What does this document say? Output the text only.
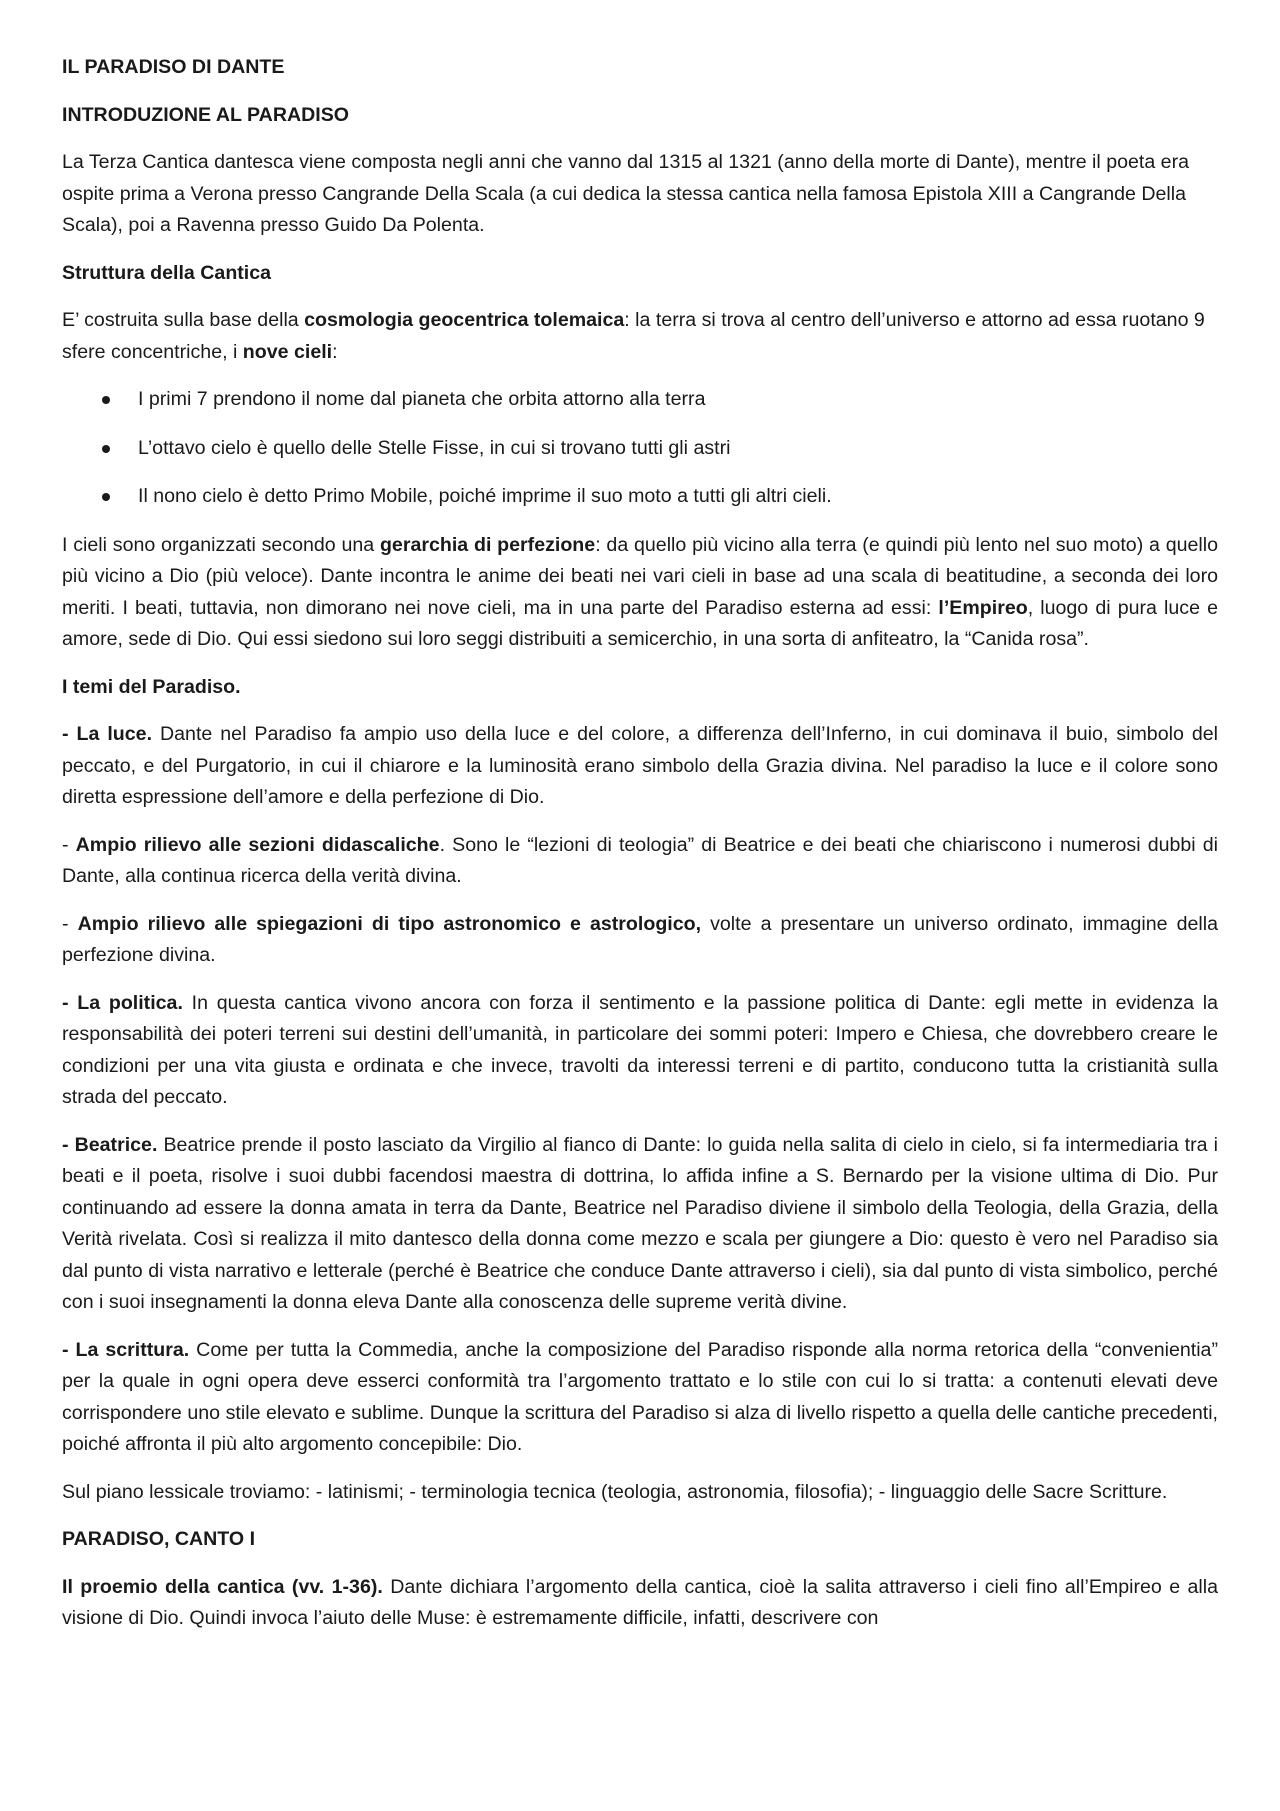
IL PARADISO DI DANTE
INTRODUZIONE AL PARADISO

La Terza Cantica dantesca viene composta negli anni che vanno dal 1315 al 1321 (anno della morte di Dante), mentre il poeta era ospite prima a Verona presso Cangrande Della Scala (a cui dedica la stessa cantica nella famosa Epistola XIII a Cangrande Della Scala), poi a Ravenna presso Guido Da Polenta.

Struttura della Cantica

E’ costruita sulla base della cosmologia geocentrica tolemaica: la terra si trova al centro dell’universo e attorno ad essa ruotano 9 sfere concentriche, i nove cieli:

I primi 7 prendono il nome dal pianeta che orbita attorno alla terra
L’ottavo cielo è quello delle Stelle Fisse, in cui si trovano tutti gli astri
Il nono cielo è detto Primo Mobile, poiché imprime il suo moto a tutti gli altri cieli.

I cieli sono organizzati secondo una gerarchia di perfezione: da quello più vicino alla terra (e quindi più lento nel suo moto) a quello più vicino a Dio (più veloce). Dante incontra le anime dei beati nei vari cieli in base ad una scala di beatitudine, a seconda dei loro meriti. I beati, tuttavia, non dimorano nei nove cieli, ma in una parte del Paradiso esterna ad essi: l’Empireo, luogo di pura luce e amore, sede di Dio. Qui essi siedono sui loro seggi distribuiti a semicerchio, in una sorta di anfiteatro, la “Canida rosa”.

I temi del Paradiso.

- La luce. Dante nel Paradiso fa ampio uso della luce e del colore, a differenza dell’Inferno, in cui dominava il buio, simbolo del peccato, e del Purgatorio, in cui il chiarore e la luminosità erano simbolo della Grazia divina. Nel paradiso la luce e il colore sono diretta espressione dell’amore e della perfezione di Dio.

- Ampio rilievo alle sezioni didascaliche. Sono le “lezioni di teologia” di Beatrice e dei beati che chiariscono i numerosi dubbi di Dante, alla continua ricerca della verità divina.

- Ampio rilievo alle spiegazioni di tipo astronomico e astrologico, volte a presentare un universo ordinato, immagine della perfezione divina.

- La politica. In questa cantica vivono ancora con forza il sentimento e la passione politica di Dante: egli mette in evidenza la responsabilità dei poteri terreni sui destini dell’umanità, in particolare dei sommi poteri: Impero e Chiesa, che dovrebbero creare le condizioni per una vita giusta e ordinata e che invece, travolti da interessi terreni e di partito, conducono tutta la cristianità sulla strada del peccato.

- Beatrice. Beatrice prende il posto lasciato da Virgilio al fianco di Dante: lo guida nella salita di cielo in cielo, si fa intermediaria tra i beati e il poeta, risolve i suoi dubbi facendosi maestra di dottrina, lo affida infine a S. Bernardo per la visione ultima di Dio. Pur continuando ad essere la donna amata in terra da Dante, Beatrice nel Paradiso diviene il simbolo della Teologia, della Grazia, della Verità rivelata. Così si realizza il mito dantesco della donna come mezzo e scala per giungere a Dio: questo è vero nel Paradiso sia dal punto di vista narrativo e letterale (perché è Beatrice che conduce Dante attraverso i cieli), sia dal punto di vista simbolico, perché con i suoi insegnamenti la donna eleva Dante alla conoscenza delle supreme verità divine.

- La scrittura. Come per tutta la Commedia, anche la composizione del Paradiso risponde alla norma retorica della “convenientia” per la quale in ogni opera deve esserci conformità tra l’argomento trattato e lo stile con cui lo si tratta: a contenuti elevati deve corrispondere uno stile elevato e sublime. Dunque la scrittura del Paradiso si alza di livello rispetto a quella delle cantiche precedenti, poiché affronta il più alto argomento concepibile: Dio.

Sul piano lessicale troviamo: - latinismi; - terminologia tecnica (teologia, astronomia, filosofia); - linguaggio delle Sacre Scritture.

PARADISO, CANTO I

Il proemio della cantica (vv. 1-36). Dante dichiara l’argomento della cantica, cioè la salita attraverso i cieli fino all’Empireo e alla visione di Dio. Quindi invoca l’aiuto delle Muse: è estremamente difficile, infatti, descrivere con
